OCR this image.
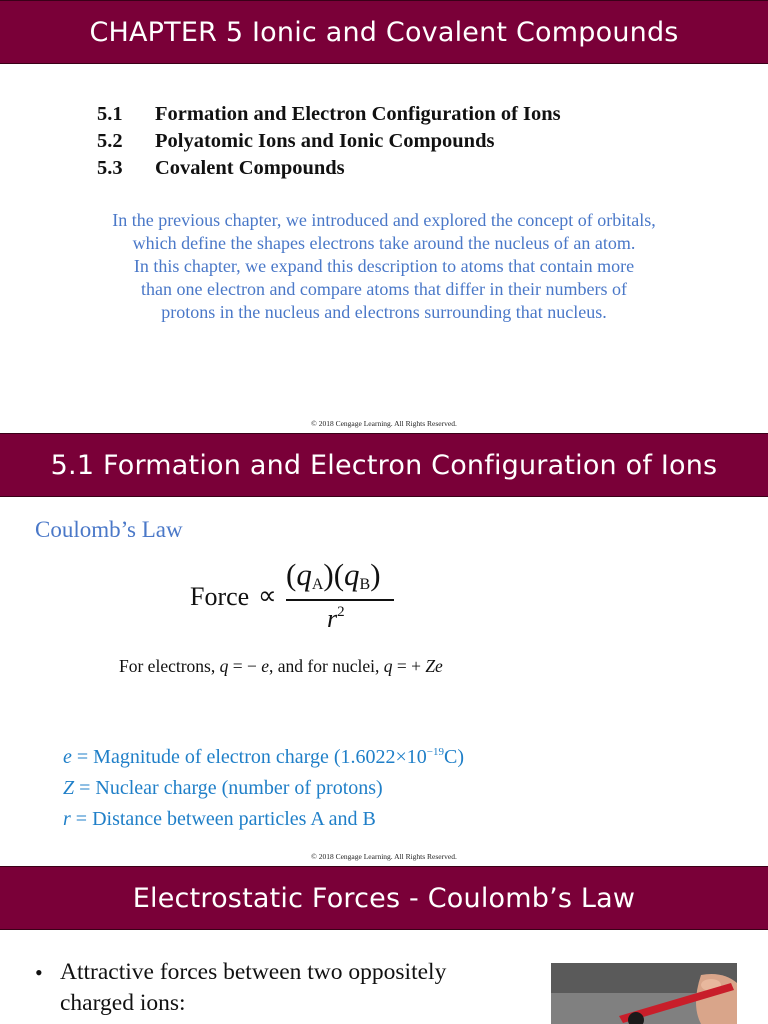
CHAPTER 5 Ionic and Covalent Compounds
5.1	Formation and Electron Configuration of Ions
5.2	Polyatomic Ions and Ionic Compounds
5.3	Covalent Compounds
In the previous chapter, we introduced and explored the concept of orbitals,
which define the shapes electrons take around the nucleus of an atom.
In this chapter, we expand this description to atoms that contain more
than one electron and compare atoms that differ in their numbers of
protons in the nucleus and electrons surrounding that nucleus.
© 2018 Cengage Learning. All Rights Reserved.
5.1 Formation and Electron Configuration of Ions
Coulomb’s Law
Force ∝
$(q_A)(q_B)$
$r^2$
For electrons, q = − e, and for nuclei, q = + Ze
e = Magnitude of electron charge $(1.6022\times 10^{-19}C)$
Z = Nuclear charge (number of protons)
r = Distance between particles A and B
© 2018 Cengage Learning. All Rights Reserved.
Electrostatic Forces - Coulomb’s Law
• Attractive forces between two oppositely charged ions:
